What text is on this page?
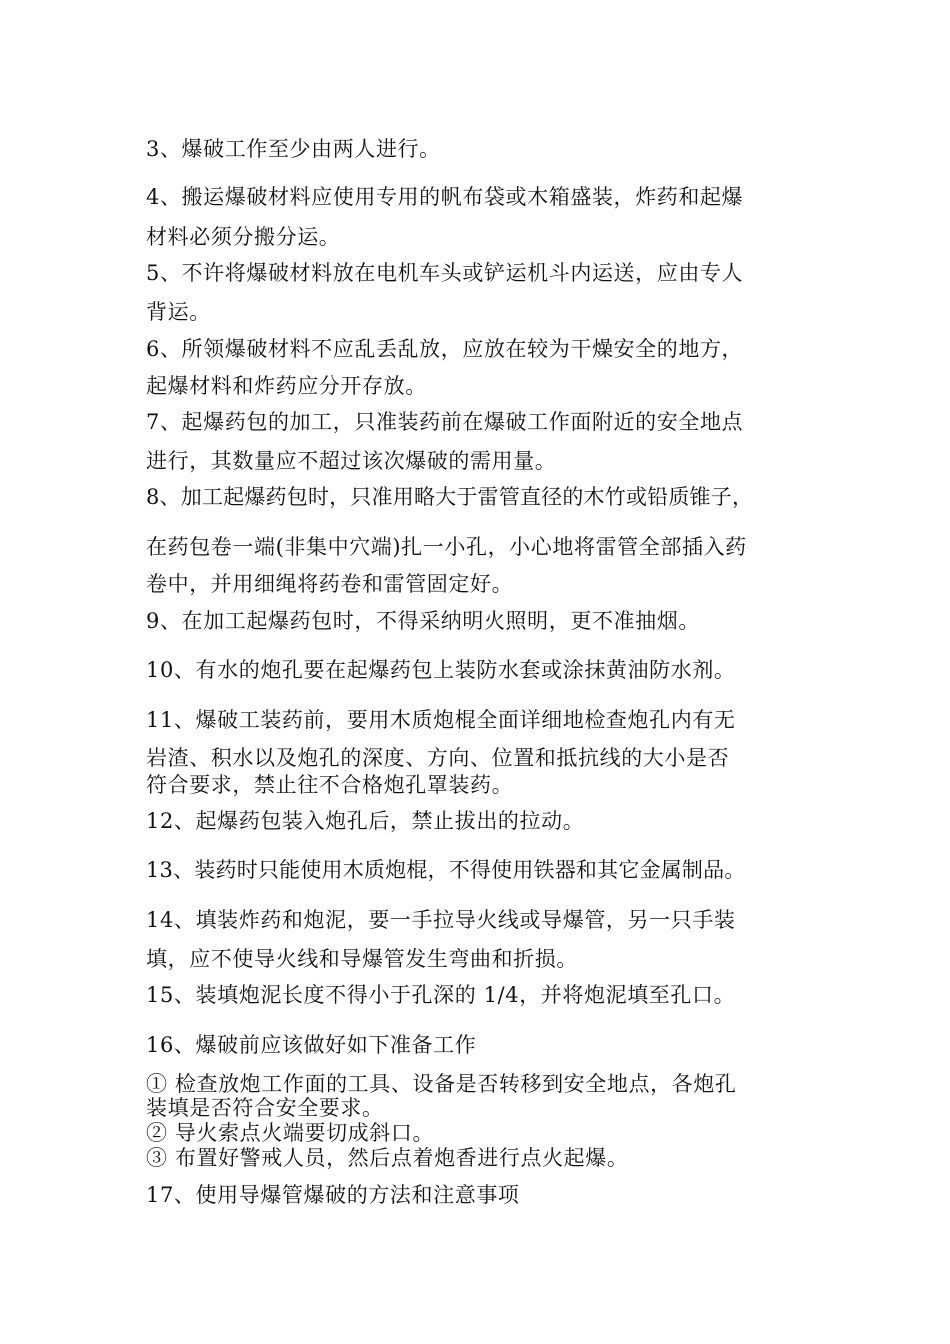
3、爆破工作至少由两人进行。
4、搬运爆破材料应使用专用的帆布袋或木箱盛装，炸药和起爆
材料必须分搬分运。
5、不许将爆破材料放在电机车头或铲运机斗内运送，应由专人
背运。
6、所领爆破材料不应乱丢乱放，应放在较为干燥安全的地方，
起爆材料和炸药应分开存放。
7、起爆药包的加工，只准装药前在爆破工作面附近的安全地点
进行，其数量应不超过该次爆破的需用量。
8、加工起爆药包时，只准用略大于雷管直径的木竹或铅质锥子，
在药包卷一端(非集中穴端)扎一小孔，小心地将雷管全部插入药
卷中，并用细绳将药卷和雷管固定好。
9、在加工起爆药包时，不得采纳明火照明，更不准抽烟。
10、有水的炮孔要在起爆药包上装防水套或涂抹黄油防水剂。
11、爆破工装药前，要用木质炮棍全面详细地检查炮孔内有无
岩渣、积水以及炮孔的深度、方向、位置和抵抗线的大小是否
符合要求，禁止往不合格炮孔罩装药。
12、起爆药包装入炮孔后，禁止拔出的拉动。
13、装药时只能使用木质炮棍，不得使用铁器和其它金属制品。
14、填装炸药和炮泥，要一手拉导火线或导爆管，另一只手装
填，应不使导火线和导爆管发生弯曲和折损。
15、装填炮泥长度不得小于孔深的 1/4，并将炮泥填至孔口。
16、爆破前应该做好如下准备工作
① 检查放炮工作面的工具、设备是否转移到安全地点，各炮孔
装填是否符合安全要求。
② 导火索点火端要切成斜口。
③ 布置好警戒人员，然后点着炮香进行点火起爆。
17、使用导爆管爆破的方法和注意事项
